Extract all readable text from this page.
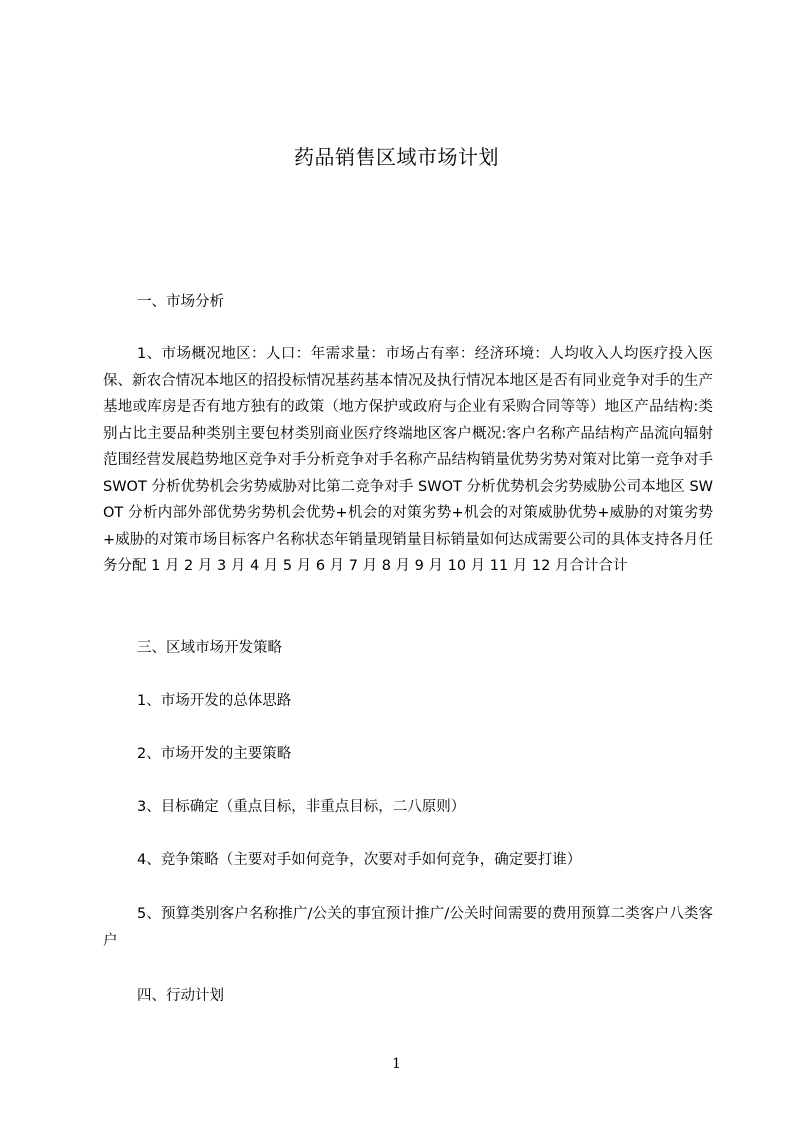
药品销售区域市场计划

一、市场分析

1、市场概况地区：人口：年需求量：市场占有率：经济环境：人均收入人均医疗投入医保、新农合情况本地区的招投标情况基药基本情况及执行情况本地区是否有同业竞争对手的生产基地或库房是否有地方独有的政策（地方保护或政府与企业有采购合同等等）地区产品结构:类别占比主要品种类别主要包材类别商业医疗终端地区客户概况:客户名称产品结构产品流向辐射范围经营发展趋势地区竞争对手分析竞争对手名称产品结构销量优势劣势对策对比第一竞争对手 SWOT 分析优势机会劣势威胁对比第二竞争对手 SWOT 分析优势机会劣势威胁公司本地区 SWOT 分析内部外部优势劣势机会优势+机会的对策劣势+机会的对策威胁优势+威胁的对策劣势+威胁的对策市场目标客户名称状态年销量现销量目标销量如何达成需要公司的具体支持各月任务分配 1 月 2 月 3 月 4 月 5 月 6 月 7 月 8 月 9 月 10 月 11 月 12 月合计合计

三、区域市场开发策略

1、市场开发的总体思路

2、市场开发的主要策略

3、目标确定（重点目标，非重点目标，二八原则）

4、竞争策略（主要对手如何竞争，次要对手如何竞争，确定要打谁）

5、预算类别客户名称推广/公关的事宜预计推广/公关时间需要的费用预算二类客户八类客户

四、行动计划

1
